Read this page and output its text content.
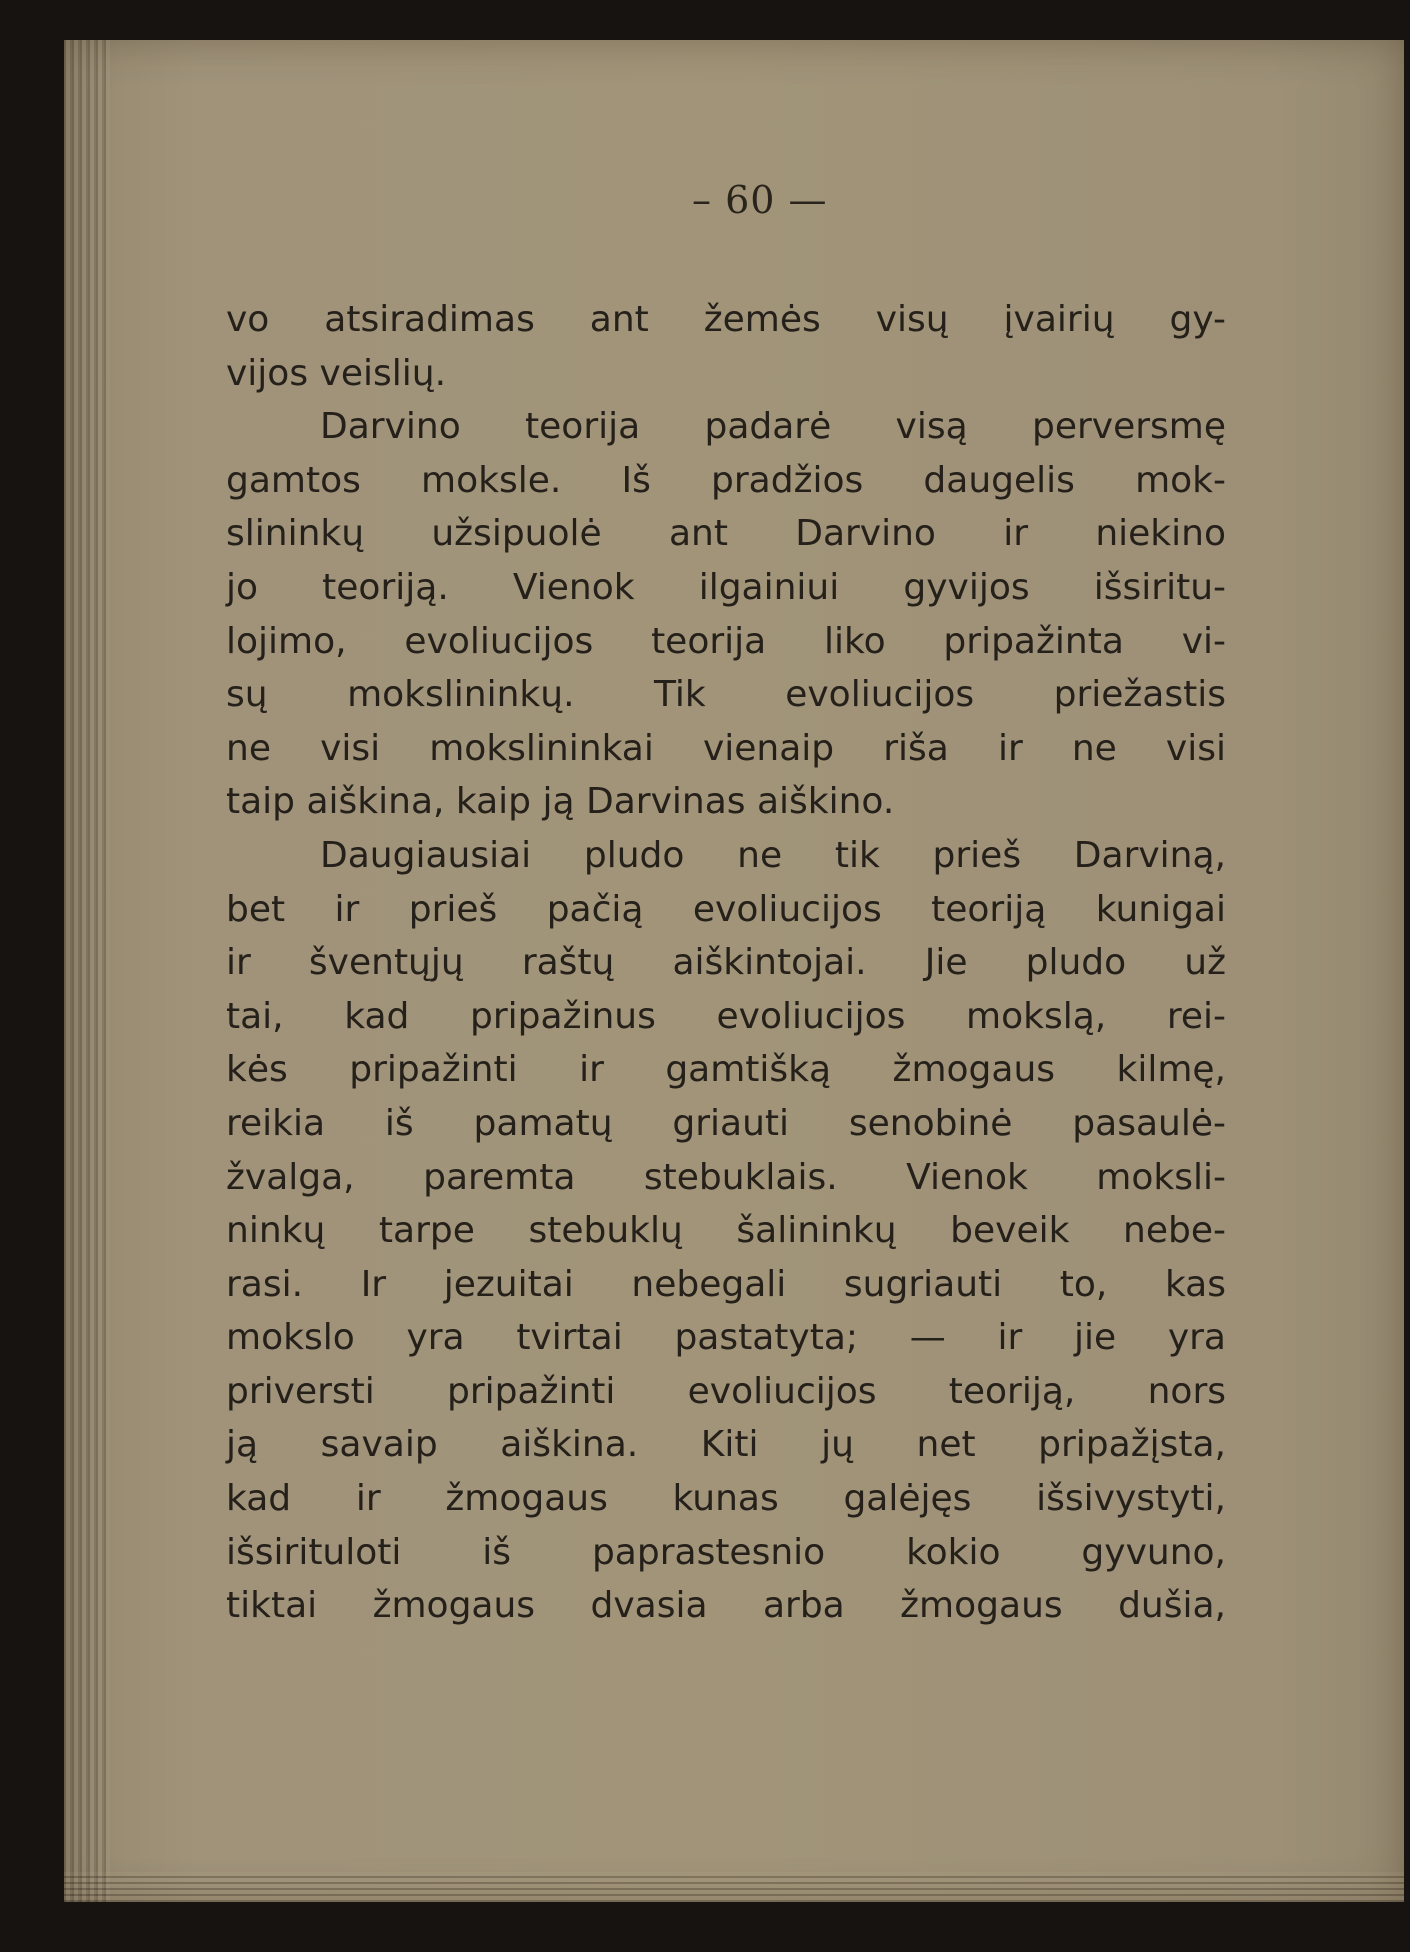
– 60 —
vo atsiradimas ant žemės visų įvairių gy-
vijos veislių.
Darvino teorija padarė visą perversmę
gamtos moksle. Iš pradžios daugelis mok-
slininkų užsipuolė ant Darvino ir niekino
jo teoriją. Vienok ilgainiui gyvijos išsiritu-
lojimo, evoliucijos teorija liko pripažinta vi-
sų mokslininkų. Tik evoliucijos priežastis
ne visi mokslininkai vienaip riša ir ne visi
taip aiškina, kaip ją Darvinas aiškino.
Daugiausiai pludo ne tik prieš Darviną,
bet ir prieš pačią evoliucijos teoriją kunigai
ir šventųjų raštų aiškintojai. Jie pludo už
tai, kad pripažinus evoliucijos mokslą, rei-
kės pripažinti ir gamtišką žmogaus kilmę,
reikia iš pamatų griauti senobinė pasaulė-
žvalga, paremta stebuklais. Vienok moksli-
ninkų tarpe stebuklų šalininkų beveik nebe-
rasi. Ir jezuitai nebegali sugriauti to, kas
mokslo yra tvirtai pastatyta; — ir jie yra
priversti pripažinti evoliucijos teoriją, nors
ją savaip aiškina. Kiti jų net pripažįsta,
kad ir žmogaus kunas galėjęs išsivystyti,
išsirituloti iš paprastesnio kokio gyvuno,
tiktai žmogaus dvasia arba žmogaus dušia,
